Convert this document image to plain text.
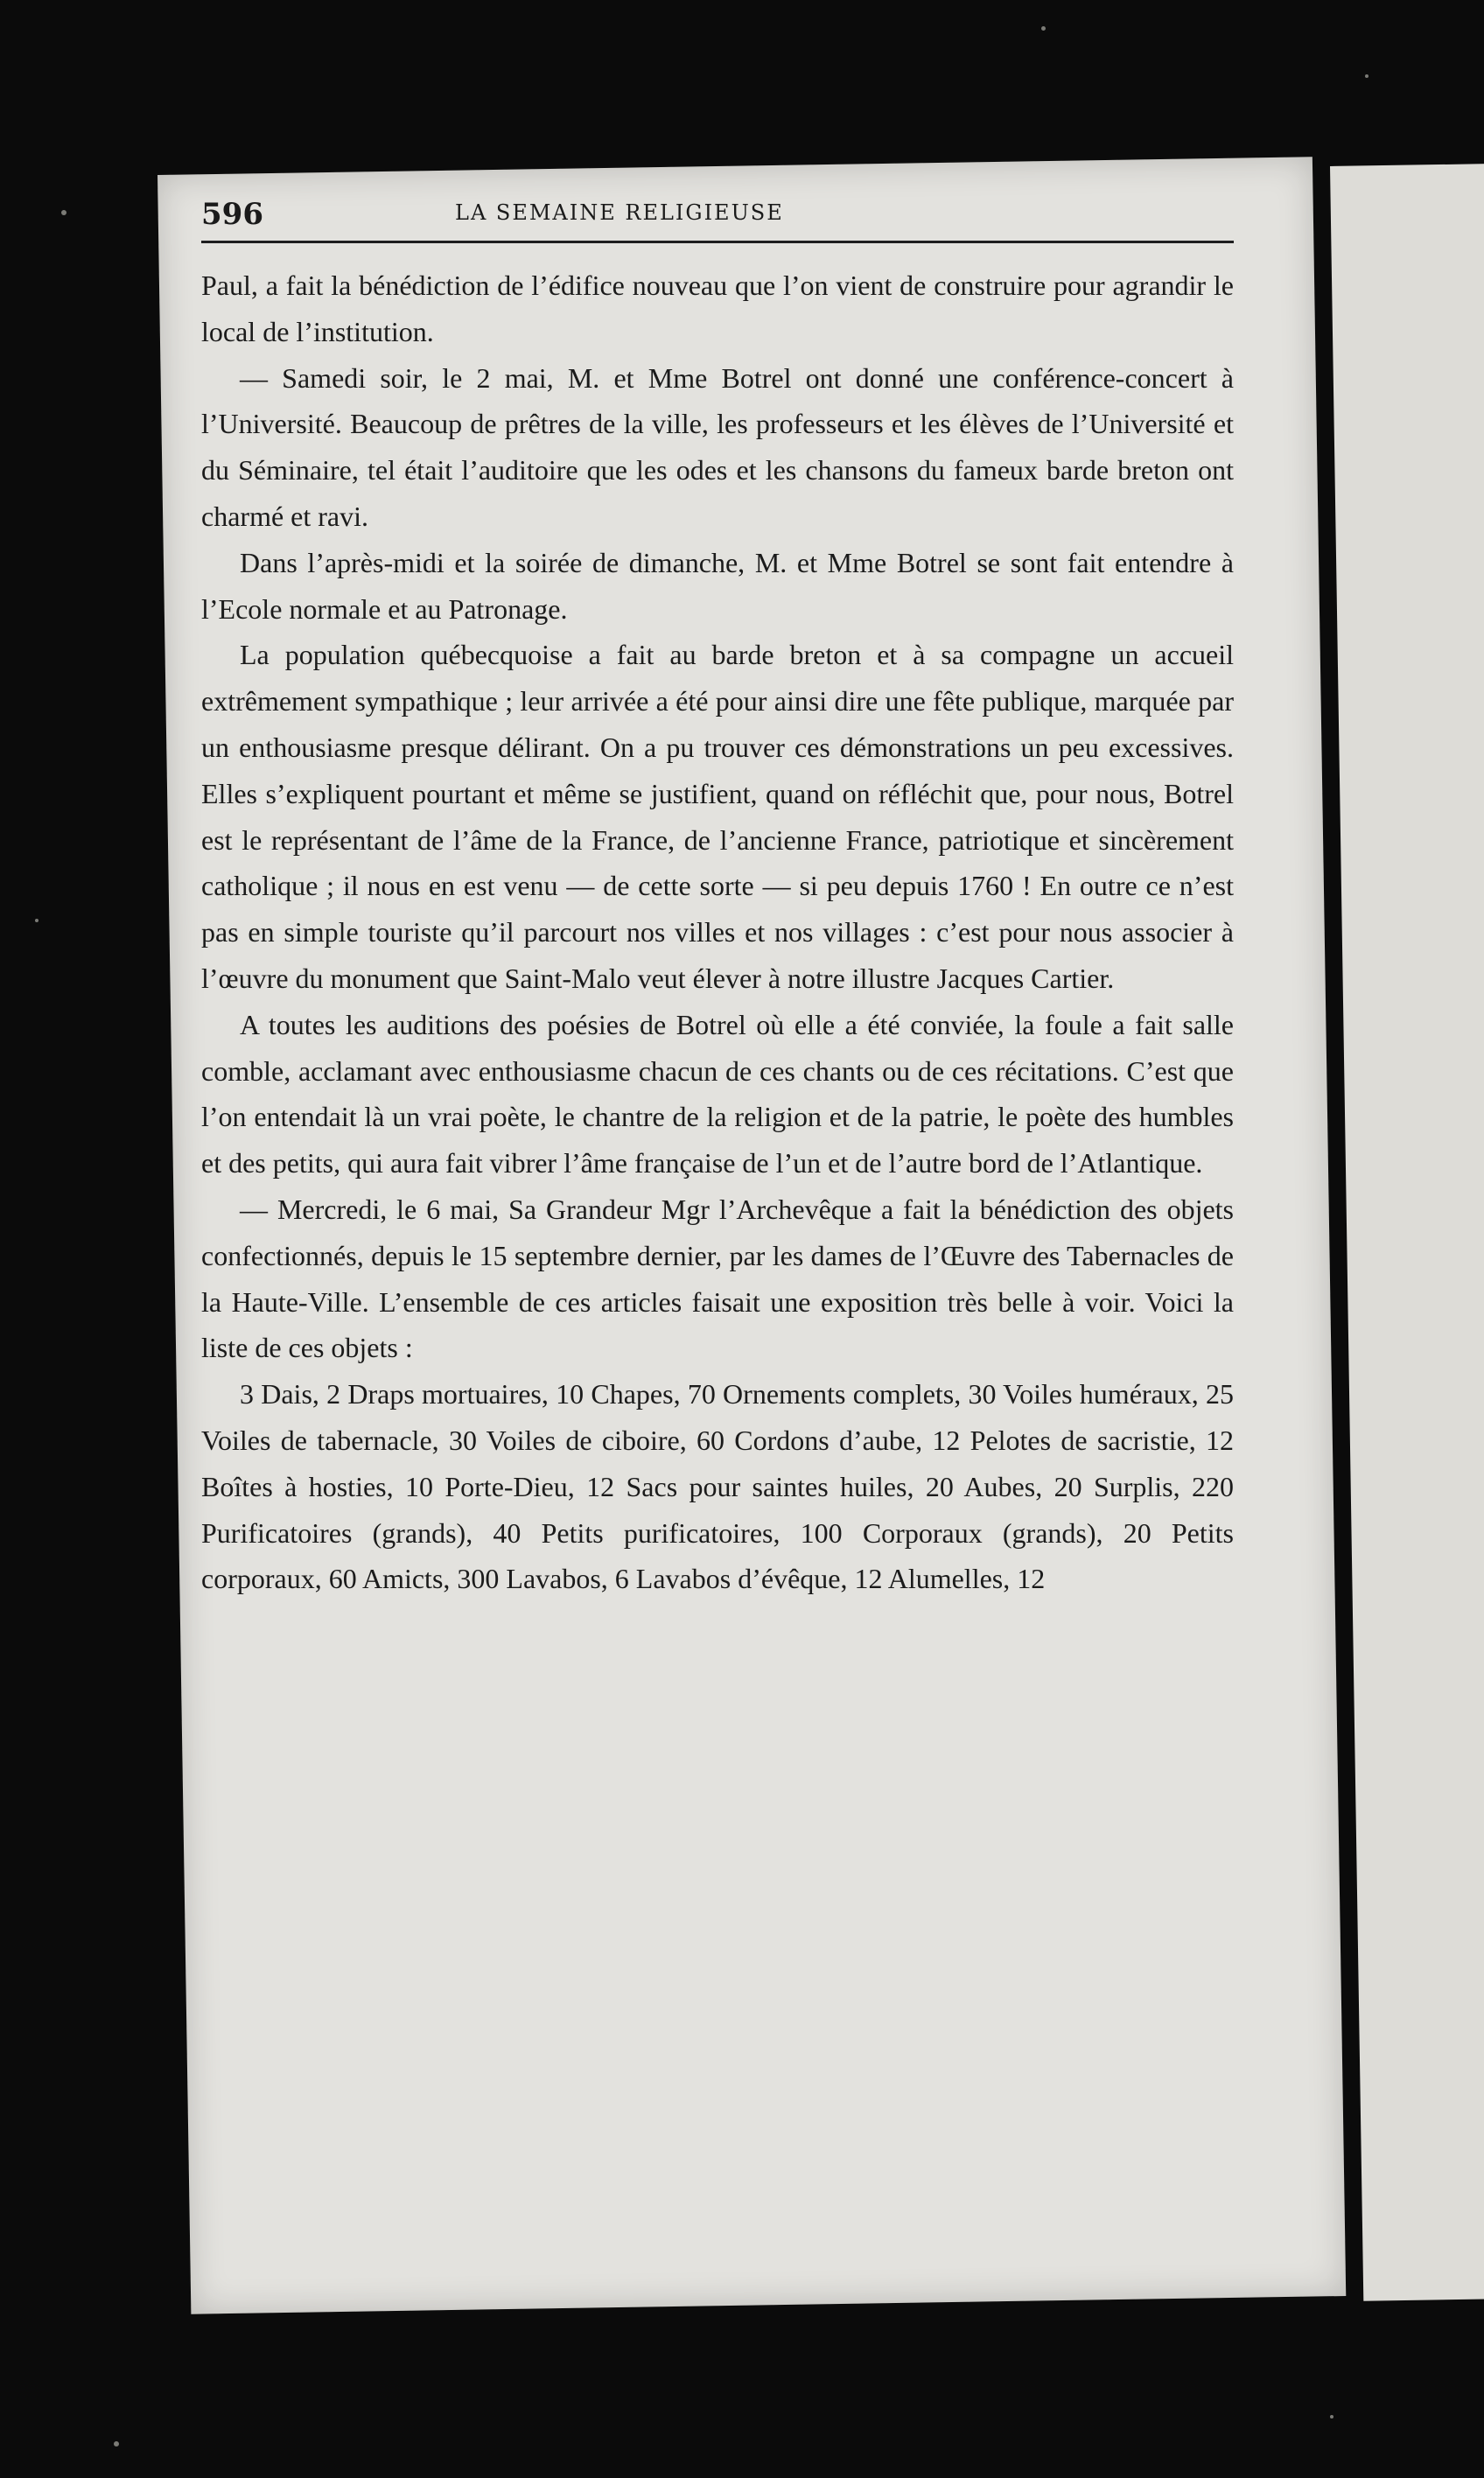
596	LA SEMAINE RELIGIEUSE

Paul, a fait la bénédiction de l’édifice nouveau que l’on vient de construire pour agrandir le local de l’institution.

— Samedi soir, le 2 mai, M. et Mme Botrel ont donné une conférence-concert à l’Université. Beaucoup de prêtres de la ville, les professeurs et les élèves de l’Université et du Séminaire, tel était l’auditoire que les odes et les chansons du fameux barde breton ont charmé et ravi.

Dans l’après-midi et la soirée de dimanche, M. et Mme Botrel se sont fait entendre à l’Ecole normale et au Patronage.

La population québecquoise a fait au barde breton et à sa compagne un accueil extrêmement sympathique ; leur arrivée a été pour ainsi dire une fête publique, marquée par un enthousiasme presque délirant. On a pu trouver ces démonstrations un peu excessives. Elles s’expliquent pourtant et même se justifient, quand on réfléchit que, pour nous, Botrel est le représentant de l’âme de la France, de l’ancienne France, patriotique et sincèrement catholique ; il nous en est venu — de cette sorte — si peu depuis 1760 ! En outre ce n’est pas en simple touriste qu’il parcourt nos villes et nos villages : c’est pour nous associer à l’œuvre du monument que Saint-Malo veut élever à notre illustre Jacques Cartier.

A toutes les auditions des poésies de Botrel où elle a été conviée, la foule a fait salle comble, acclamant avec enthousiasme chacun de ces chants ou de ces récitations. C’est que l’on entendait là un vrai poète, le chantre de la religion et de la patrie, le poète des humbles et des petits, qui aura fait vibrer l’âme française de l’un et de l’autre bord de l’Atlantique.

— Mercredi, le 6 mai, Sa Grandeur Mgr l’Archevêque a fait la bénédiction des objets confectionnés, depuis le 15 septembre dernier, par les dames de l’Œuvre des Tabernacles de la Haute-Ville. L’ensemble de ces articles faisait une exposition très belle à voir. Voici la liste de ces objets :

3 Dais, 2 Draps mortuaires, 10 Chapes, 70 Ornements complets, 30 Voiles huméraux, 25 Voiles de tabernacle, 30 Voiles de ciboire, 60 Cordons d’aube, 12 Pelotes de sacristie, 12 Boîtes à hosties, 10 Porte-Dieu, 12 Sacs pour saintes huiles, 20 Aubes, 20 Surplis, 220 Purificatoires (grands), 40 Petits purificatoires, 100 Corporaux (grands), 20 Petits corporaux, 60 Amicts, 300 Lavabos, 6 Lavabos d’évêque, 12 Alumelles, 12
